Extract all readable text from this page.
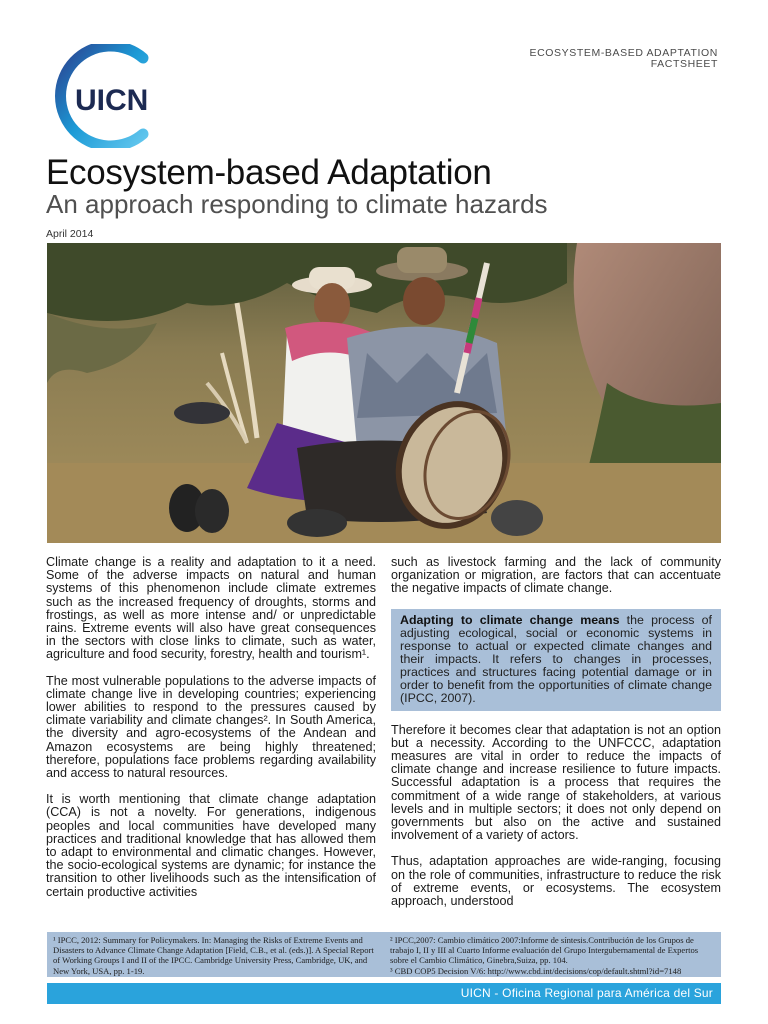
UICN
ECOSYSTEM-BASED ADAPTATION
FACTSHEET
Ecosystem-based Adaptation
An approach responding to climate hazards
April 2014

Climate change is a reality and adaptation to it a need. Some of the adverse impacts on natural and human systems of this phenomenon include climate extremes such as the increased frequency of droughts, storms and frostings, as well as more intense and/ or unpredictable rains. Extreme events will also have great consequences in the sectors with close links to climate, such as water, agriculture and food security, forestry, health and tourism¹.

The most vulnerable populations to the adverse impacts of climate change live in developing countries; experiencing lower abilities to respond to the pressures caused by climate variability and climate changes². In South America, the diversity and agro-ecosystems of the Andean and Amazon ecosystems are being highly threatened; therefore, populations face problems regarding availability and access to natural resources.

It is worth mentioning that climate change adaptation (CCA) is not a novelty. For generations, indigenous peoples and local communities have developed many practices and traditional knowledge that has allowed them to adapt to environmental and climatic changes. However, the socio-ecological systems are dynamic; for instance the transition to other livelihoods such as the intensification of certain productive activities

such as livestock farming and the lack of community organization or migration, are factors that can accentuate the negative impacts of climate change.

Adapting to climate change means the process of adjusting ecological, social or economic systems in response to actual or expected climate changes and their impacts. It refers to changes in processes, practices and structures facing potential damage or in order to benefit from the opportunities of climate change (IPCC, 2007).

Therefore it becomes clear that adaptation is not an option but a necessity. According to the UNFCCC, adaptation measures are vital in order to reduce the impacts of climate change and increase resilience to future impacts. Successful adaptation is a process that requires the commitment of a wide range of stakeholders, at various levels and in multiple sectors; it does not only depend on governments but also on the active and sustained involvement of a variety of actors.

Thus, adaptation approaches are wide-ranging, focusing on the role of communities, infrastructure to reduce the risk of extreme events, or ecosystems. The ecosystem approach, understood

¹ IPCC, 2012: Summary for Policymakers. In: Managing the Risks of Extreme Events and Disasters to Advance Climate Change Adaptation [Field, C.B., et al. (eds.)]. A Special Report of Working Groups I and II of the IPCC. Cambridge University Press, Cambridge, UK, and New York, USA, pp. 1-19.
² IPCC,2007: Cambio climático 2007:Informe de síntesis.Contribución de los Grupos de trabajo I, II y III al Cuarto Informe evaluación del Grupo Intergubernamental de Expertos sobre el Cambio Climático, Ginebra,Suiza, pp. 104.
³ CBD COP5 Decision V/6: http://www.cbd.int/decisions/cop/default.shtml?id=7148
UICN - Oficina Regional para América del Sur
